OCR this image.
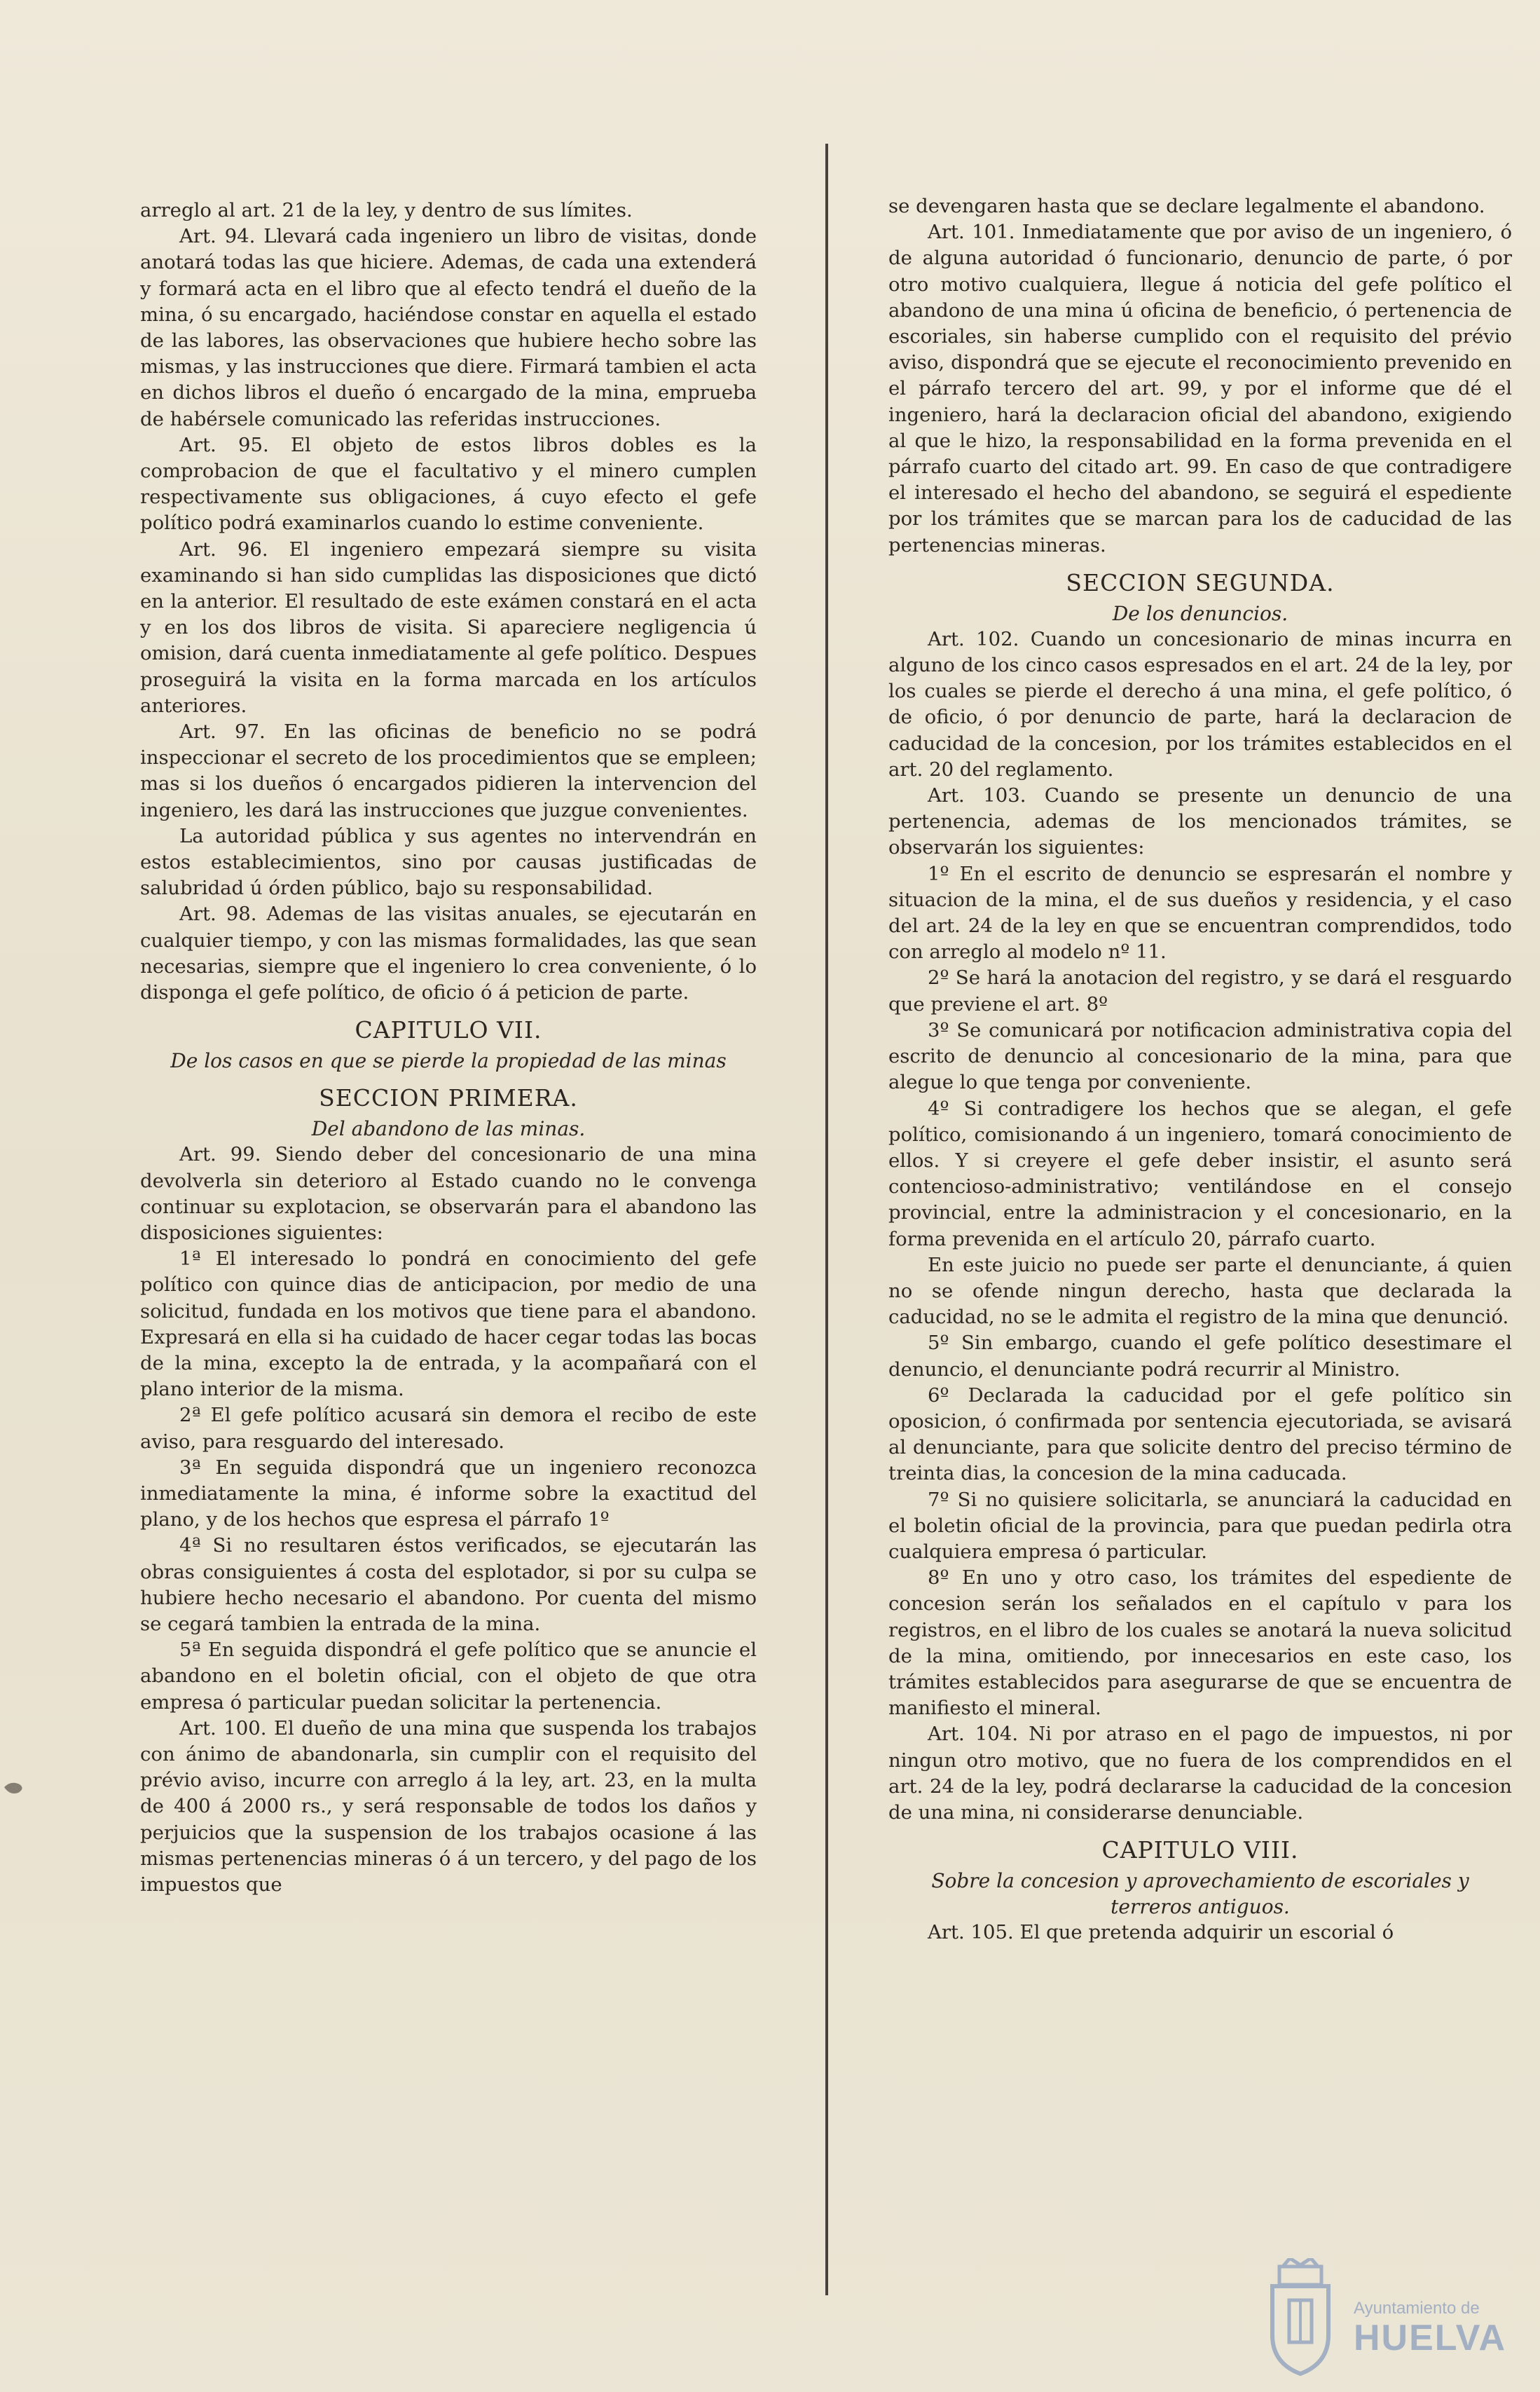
arreglo al art. 21 de la ley, y dentro de sus límites.

Art. 94. Llevará cada ingeniero un libro de visitas, donde anotará todas las que hiciere. Ademas, de cada una extenderá y formará acta en el libro que al efecto tendrá el dueño de la mina, ó su encargado, haciéndose constar en aquella el estado de las labores, las observaciones que hubiere hecho sobre las mismas, y las instrucciones que diere. Firmará tambien el acta en dichos libros el dueño ó encargado de la mina, emprueba de habérsele comunicado las referidas instrucciones.

Art. 95. El objeto de estos libros dobles es la comprobacion de que el facultativo y el minero cumplen respectivamente sus obligaciones, á cuyo efecto el gefe político podrá examinarlos cuando lo estime conveniente.

Art. 96. El ingeniero empezará siempre su visita examinando si han sido cumplidas las disposiciones que dictó en la anterior. El resultado de este exámen constará en el acta y en los dos libros de visita. Si apareciere negligencia ú omision, dará cuenta inmediatamente al gefe político. Despues proseguirá la visita en la forma marcada en los artículos anteriores.

Art. 97. En las oficinas de beneficio no se podrá inspeccionar el secreto de los procedimientos que se empleen; mas si los dueños ó encargados pidieren la intervencion del ingeniero, les dará las instrucciones que juzgue convenientes.

La autoridad pública y sus agentes no intervendrán en estos establecimientos, sino por causas justificadas de salubridad ú órden público, bajo su responsabilidad.

Art. 98. Ademas de las visitas anuales, se ejecutarán en cualquier tiempo, y con las mismas formalidades, las que sean necesarias, siempre que el ingeniero lo crea conveniente, ó lo disponga el gefe político, de oficio ó á peticion de parte.

CAPITULO VII.
De los casos en que se pierde la propiedad de las minas
SECCION PRIMERA.
Del abandono de las minas.

Art. 99. Siendo deber del concesionario de una mina devolverla sin deterioro al Estado cuando no le convenga continuar su explotacion, se observarán para el abandono las disposiciones siguientes:

1ª El interesado lo pondrá en conocimiento del gefe político con quince dias de anticipacion, por medio de una solicitud, fundada en los motivos que tiene para el abandono. Expresará en ella si ha cuidado de hacer cegar todas las bocas de la mina, excepto la de entrada, y la acompañará con el plano interior de la misma.

2ª El gefe político acusará sin demora el recibo de este aviso, para resguardo del interesado.

3ª En seguida dispondrá que un ingeniero reconozca inmediatamente la mina, é informe sobre la exactitud del plano, y de los hechos que espresa el párrafo 1º

4ª Si no resultaren éstos verificados, se ejecutarán las obras consiguientes á costa del esplotador, si por su culpa se hubiere hecho necesario el abandono. Por cuenta del mismo se cegará tambien la entrada de la mina.

5ª En seguida dispondrá el gefe político que se anuncie el abandono en el boletin oficial, con el objeto de que otra empresa ó particular puedan solicitar la pertenencia.

Art. 100. El dueño de una mina que suspenda los trabajos con ánimo de abandonarla, sin cumplir con el requisito del prévio aviso, incurre con arreglo á la ley, art. 23, en la multa de 400 á 2000 rs., y será responsable de todos los daños y perjuicios que la suspension de los trabajos ocasione á las mismas pertenencias mineras ó á un tercero, y del pago de los impuestos que

se devengaren hasta que se declare legalmente el abandono.

Art. 101. Inmediatamente que por aviso de un ingeniero, ó de alguna autoridad ó funcionario, denuncio de parte, ó por otro motivo cualquiera, llegue á noticia del gefe político el abandono de una mina ú oficina de beneficio, ó pertenencia de escoriales, sin haberse cumplido con el requisito del prévio aviso, dispondrá que se ejecute el reconocimiento prevenido en el párrafo tercero del art. 99, y por el informe que dé el ingeniero, hará la declaracion oficial del abandono, exigiendo al que le hizo, la responsabilidad en la forma prevenida en el párrafo cuarto del citado art. 99. En caso de que contradigere el interesado el hecho del abandono, se seguirá el espediente por los trámites que se marcan para los de caducidad de las pertenencias mineras.

SECCION SEGUNDA.
De los denuncios.

Art. 102. Cuando un concesionario de minas incurra en alguno de los cinco casos espresados en el art. 24 de la ley, por los cuales se pierde el derecho á una mina, el gefe político, ó de oficio, ó por denuncio de parte, hará la declaracion de caducidad de la concesion, por los trámites establecidos en el art. 20 del reglamento.

Art. 103. Cuando se presente un denuncio de una pertenencia, ademas de los mencionados trámites, se observarán los siguientes:

1º En el escrito de denuncio se espresarán el nombre y situacion de la mina, el de sus dueños y residencia, y el caso del art. 24 de la ley en que se encuentran comprendidos, todo con arreglo al modelo nº 11.

2º Se hará la anotacion del registro, y se dará el resguardo que previene el art. 8º

3º Se comunicará por notificacion administrativa copia del escrito de denuncio al concesionario de la mina, para que alegue lo que tenga por conveniente.

4º Si contradigere los hechos que se alegan, el gefe político, comisionando á un ingeniero, tomará conocimiento de ellos. Y si creyere el gefe deber insistir, el asunto será contencioso-administrativo; ventilándose en el consejo provincial, entre la administracion y el concesionario, en la forma prevenida en el artículo 20, párrafo cuarto.

En este juicio no puede ser parte el denunciante, á quien no se ofende ningun derecho, hasta que declarada la caducidad, no se le admita el registro de la mina que denunció.

5º Sin embargo, cuando el gefe político desestimare el denuncio, el denunciante podrá recurrir al Ministro.

6º Declarada la caducidad por el gefe político sin oposicion, ó confirmada por sentencia ejecutoriada, se avisará al denunciante, para que solicite dentro del preciso término de treinta dias, la concesion de la mina caducada.

7º Si no quisiere solicitarla, se anunciará la caducidad en el boletin oficial de la provincia, para que puedan pedirla otra cualquiera empresa ó particular.

8º En uno y otro caso, los trámites del espediente de concesion serán los señalados en el capítulo v para los registros, en el libro de los cuales se anotará la nueva solicitud de la mina, omitiendo, por innecesarios en este caso, los trámites establecidos para asegurarse de que se encuentra de manifiesto el mineral.

Art. 104. Ni por atraso en el pago de impuestos, ni por ningun otro motivo, que no fuera de los comprendidos en el art. 24 de la ley, podrá declararse la caducidad de la concesion de una mina, ni considerarse denunciable.

CAPITULO VIII.
Sobre la concesion y aprovechamiento de escoriales y terreros antiguos.

Art. 105. El que pretenda adquirir un escorial ó

Ayuntamiento de
HUELVA
